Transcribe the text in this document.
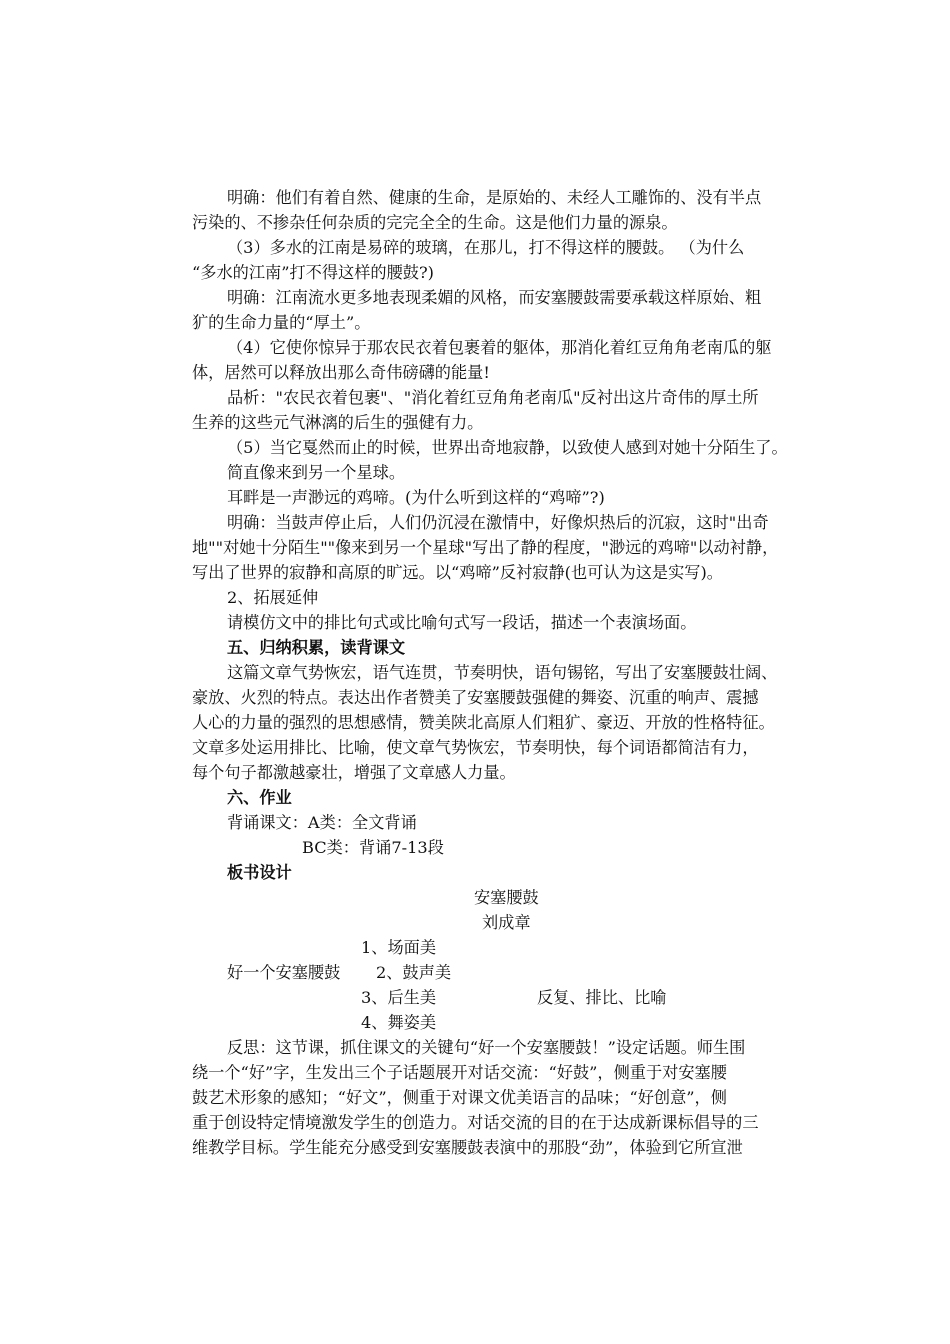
明确：他们有着自然、健康的生命，是原始的、未经人工雕饰的、没有半点
污染的、不掺杂任何杂质的完完全全的生命。这是他们力量的源泉。
（3）多水的江南是易碎的玻璃，在那儿，打不得这样的腰鼓。 （为什么
“多水的江南”打不得这样的腰鼓?)
明确：江南流水更多地表现柔媚的风格，而安塞腰鼓需要承载这样原始、粗
犷的生命力量的“厚土”。
（4）它使你惊异于那农民衣着包裹着的躯体，那消化着红豆角角老南瓜的躯
体，居然可以释放出那么奇伟磅礴的能量!
品析："农民衣着包裹"、"消化着红豆角角老南瓜"反衬出这片奇伟的厚土所
生养的这些元气淋漓的后生的强健有力。
（5）当它戛然而止的时候，世界出奇地寂静，以致使人感到对她十分陌生了。
简直像来到另一个星球。
耳畔是一声渺远的鸡啼。(为什么听到这样的“鸡啼”?)
明确：当鼓声停止后，人们仍沉浸在激情中，好像炽热后的沉寂，这时"出奇
地""对她十分陌生""像来到另一个星球"写出了静的程度，"渺远的鸡啼"以动衬静，
写出了世界的寂静和高原的旷远。以“鸡啼”反衬寂静(也可认为这是实写)。
2、拓展延伸
请模仿文中的排比句式或比喻句式写一段话，描述一个表演场面。
五、归纳积累，读背课文
这篇文章气势恢宏，语气连贯，节奏明快，语句锡铭，写出了安塞腰鼓壮阔、
豪放、火烈的特点。表达出作者赞美了安塞腰鼓强健的舞姿、沉重的响声、震撼
人心的力量的强烈的思想感情，赞美陕北高原人们粗犷、豪迈、开放的性格特征。
文章多处运用排比、比喻，使文章气势恢宏，节奏明快，每个词语都简洁有力，
每个句子都激越豪壮，增强了文章感人力量。
六、作业
背诵课文：A类：全文背诵
BC类：背诵7-13段
板书设计
安塞腰鼓
刘成章
1、场面美
好一个安塞腰鼓 2、鼓声美
3、后生美	反复、排比、比喻
4、舞姿美
反思：这节课，抓住课文的关键句“好一个安塞腰鼓！”设定话题。师生围
绕一个“好”字，生发出三个子话题展开对话交流：“好鼓”，侧重于对安塞腰
鼓艺术形象的感知；“好文”，侧重于对课文优美语言的品味；“好创意”，侧
重于创设特定情境激发学生的创造力。对话交流的目的在于达成新课标倡导的三
维教学目标。学生能充分感受到安塞腰鼓表演中的那股“劲”，体验到它所宣泄
